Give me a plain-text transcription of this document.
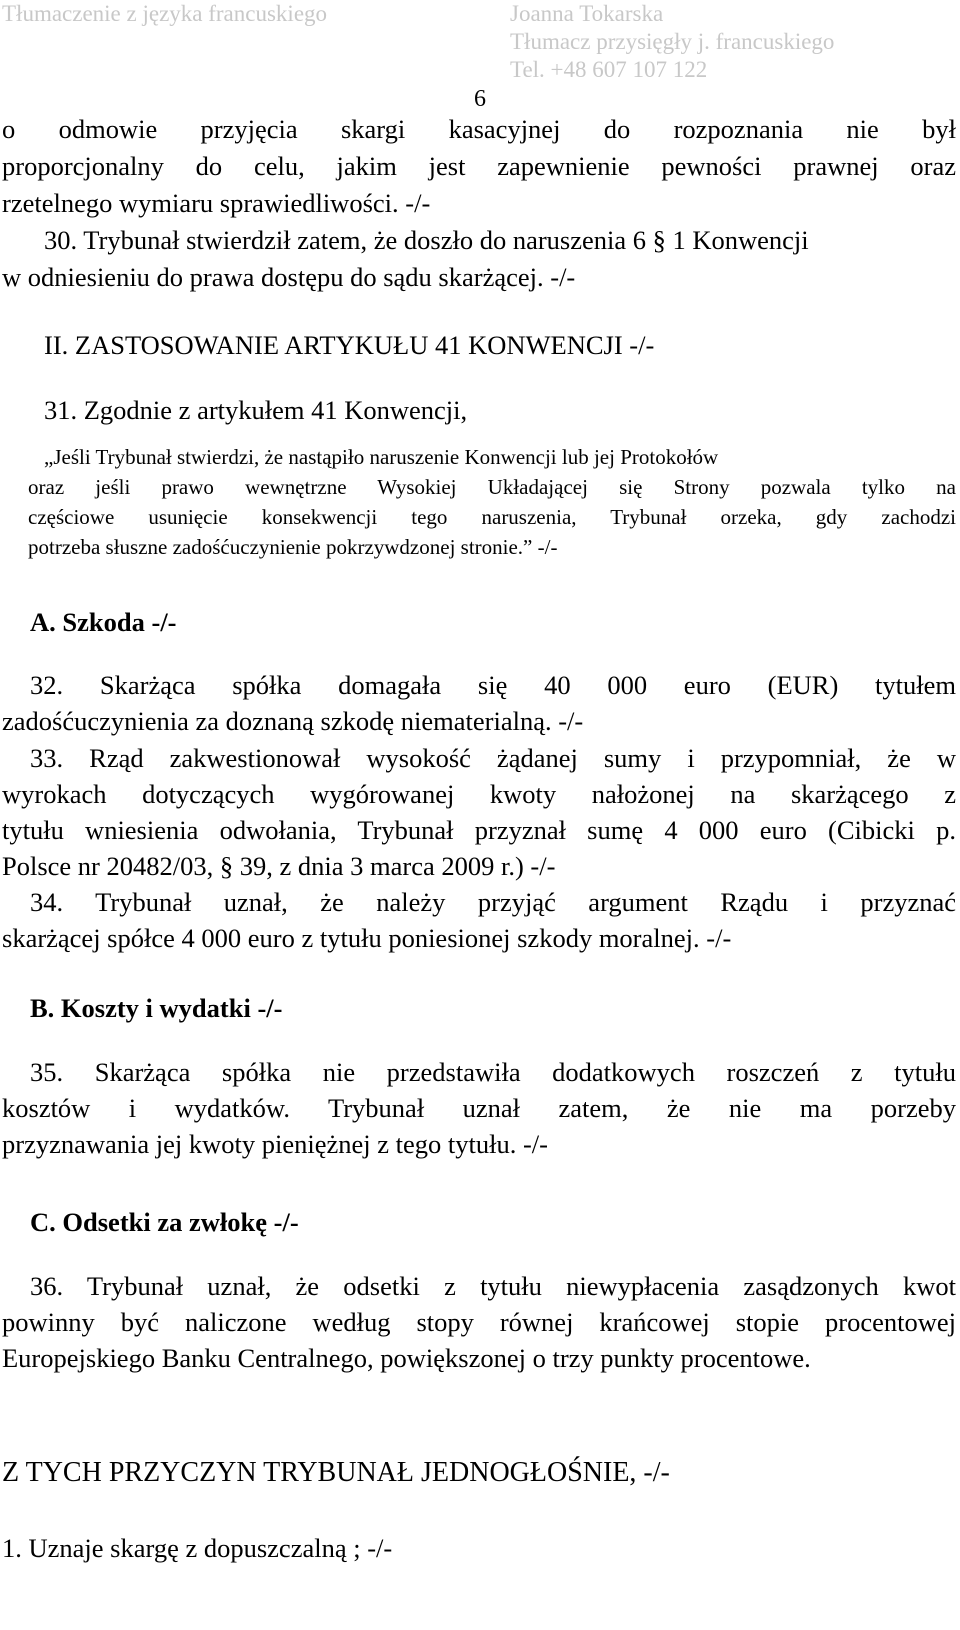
Tłumaczenie z języka francuskiego	Joanna Tokarska
Tłumacz przysięgły j. francuskiego
Tel. +48 607 107 122
6
o odmowie przyjęcia skargi kasacyjnej do rozpoznania nie był
proporcjonalny do celu, jakim jest zapewnienie pewności prawnej oraz
rzetelnego wymiaru sprawiedliwości. -/-
30. Trybunał stwierdził zatem, że doszło do naruszenia 6 § 1 Konwencji
w odniesieniu do prawa dostępu do sądu skarżącej. -/-
II. ZASTOSOWANIE ARTYKUŁU 41 KONWENCJI -/-
31. Zgodnie z artykułem 41 Konwencji,
„Jeśli Trybunał stwierdzi, że nastąpiło naruszenie Konwencji lub jej Protokołów
oraz jeśli prawo wewnętrzne Wysokiej Układającej się Strony pozwala tylko na
częściowe usunięcie konsekwencji tego naruszenia, Trybunał orzeka, gdy zachodzi
potrzeba słuszne zadośćuczynienie pokrzywdzonej stronie.” -/-
A. Szkoda -/-
32. Skarżąca spółka domagała się 40 000 euro (EUR) tytułem
zadośćuczynienia za doznaną szkodę niematerialną. -/-
33. Rząd zakwestionował wysokość żądanej sumy i przypomniał, że w
wyrokach dotyczących wygórowanej kwoty nałożonej na skarżącego z
tytułu wniesienia odwołania, Trybunał przyznał sumę 4 000 euro (Cibicki p.
Polsce nr 20482/03, § 39, z dnia 3 marca 2009 r.) -/-
34. Trybunał uznał, że należy przyjąć argument Rządu i przyznać
skarżącej spółce 4 000 euro z tytułu poniesionej szkody moralnej. -/-
B. Koszty i wydatki -/-
35. Skarżąca spółka nie przedstawiła dodatkowych roszczeń z tytułu
kosztów i wydatków. Trybunał uznał zatem, że nie ma porzeby
przyznawania jej kwoty pieniężnej z tego tytułu. -/-
C. Odsetki za zwłokę -/-
36. Trybunał uznał, że odsetki z tytułu niewypłacenia zasądzonych kwot
powinny być naliczone według stopy równej krańcowej stopie procentowej
Europejskiego Banku Centralnego, powiększonej o trzy punkty procentowe.
Z TYCH PRZYCZYN TRYBUNAŁ JEDNOGŁOŚNIE, -/-
1. Uznaje skargę z dopuszczalną ; -/-
